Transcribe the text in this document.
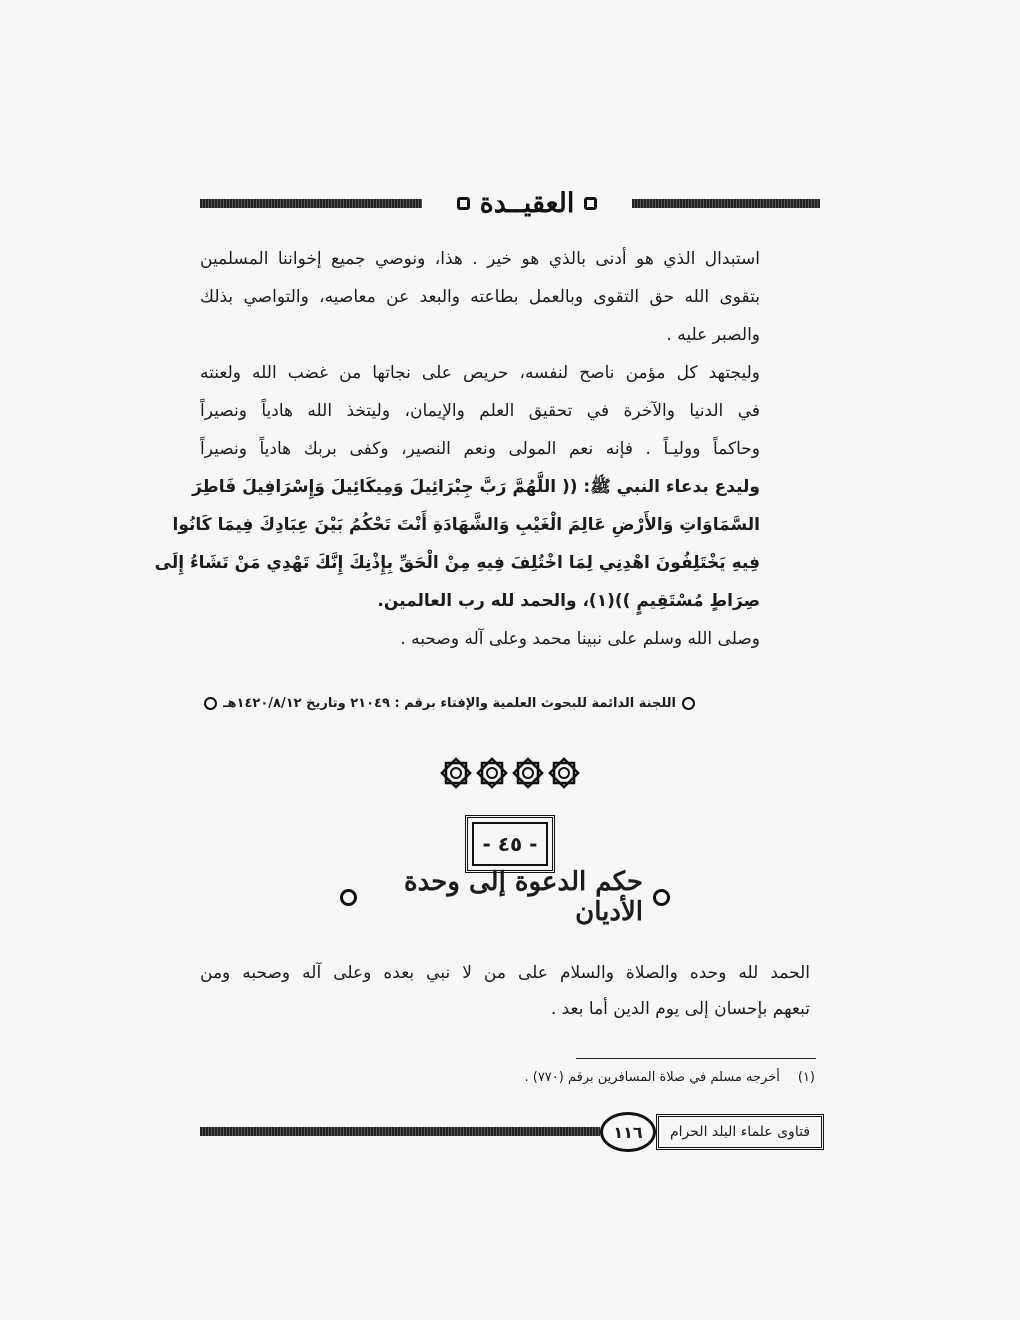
العقيــدة
استبدال الذي هو أدنى بالذي هو خير . هذا، ونوصي جميع إخواننا المسلمين
بتقوى الله حق التقوى وبالعمل بطاعته والبعد عن معاصيه، والتواصي بذلك
والصبر عليه .
وليجتهد كل مؤمن ناصح لنفسه، حريص على نجاتها من غضب الله ولعنته
في الدنيا والآخرة في تحقيق العلم والإيمان، وليتخذ الله هادياً ونصيراً
وحاكماً ووليـاً . فإنه نعم المولى ونعم النصير، وكفى بربك هادياً ونصيراً
وليدع بدعاء النبي ﷺ: (( اللَّهُمَّ رَبَّ جِبْرَائِيلَ وَمِيكَائِيلَ وَإِسْرَافِيلَ فَاطِرَ
السَّمَاوَاتِ وَالأَرْضِ عَالِمَ الْغَيْبِ وَالشَّهَادَةِ أَنْتَ تَحْكُمُ بَيْنَ عِبَادِكَ فِيمَا كَانُوا
فِيهِ يَخْتَلِفُونَ اهْدِنِي لِمَا اخْتُلِفَ فِيهِ مِنْ الْحَقِّ بِإِذْنِكَ إِنَّكَ تَهْدِي مَنْ تَشَاءُ إِلَى
صِرَاطٍ مُسْتَقِيمٍ ))(١)، والحمد لله رب العالمين.
وصلى الله وسلم على نبينا محمد وعلى آله وصحبه .
اللجنة الدائمة للبحوث العلمية والإفتاء برقم : ٢١٠٤٩ وتاريخ ١٤٢٠/٨/١٢هـ
- ٤٥ -
حكم الدعوة إلى وحدة الأديان
الحمد لله وحده والصلاة والسلام على من لا نبي بعده وعلى آله وصحبه ومن
تبعهم بإحسان إلى يوم الدين أما بعد .
(١)
أخرجه مسلم في صلاة المسافرين برقم (٧٧٠) .
١١٦	فتاوى علماء البلد الحرام
